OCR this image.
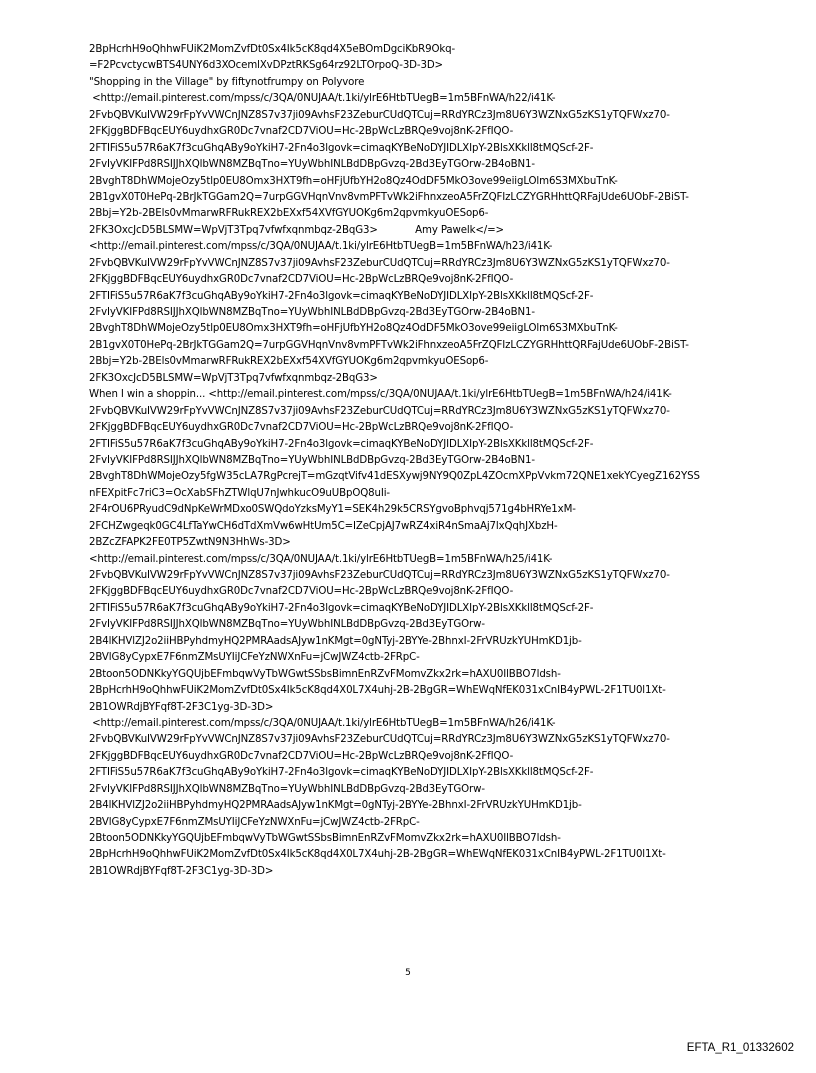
2BpHcrhH9oQhhwFUiK2MomZvfDt0Sx4Ik5cK8qd4X5eBOmDgciKbR9Okq-
=F2PcvctycwBTS4UNY6d3XOcemlXvDPztRKSg64rz92LTOrpoQ-3D-3D>
"Shopping in the Village" by fiftynotfrumpy on Polyvore
<http://email.pinterest.com/mpss/c/3QA/0NUJAA/t.1ki/ylrE6HtbTUegB=1m5BFnWA/h22/i41K-
2FvbQBVKuIVW29rFpYvVWCnJNZ8S7v37ji09AvhsF23ZeburCUdQTCuj=RRdYRCz3Jm8U6Y3WZNxG5zKS1yTQFWxz70-
2FKjggBDFBqcEUY6uydhxGR0Dc7vnaf2CD7ViOU=Hc-2BpWcLzBRQe9voj8nK-2FfIQO-
2FTIFiS5u57R6aK7f3cuGhqABy9oYkiH7-2Fn4o3lgovk=cimaqKYBeNoDYJIDLXIpY-2BlsXKkll8tMQScf-2F-
2FvIyVKIFPd8RSIJJhXQlbWN8MZBqTno=YUyWbhINLBdDBpGvzq-2Bd3EyTGOrw-2B4oBN1-
2BvghT8DhWMojeOzy5tlp0EU8Omx3HXT9fh=oHFjUfbYH2o8Qz4OdDF5MkO3ove99eiigLOlm6S3MXbuTnK-
2B1gvX0T0HePq-2BrJkTGGam2Q=7urpGGVHqnVnv8vmPFTvWk2iFhnxzeoA5FrZQFIzLCZYGRHhttQRFajUde6UObF-2BiST-
2Bbj=Y2b-2BEls0vMmarwRFRukREX2bEXxf54XVfGYUOKg6m2qpvmkyuOESop6-
2FK3OxcJcD5BLSMW=WpVjT3Tpq7vfwfxqnmbqz-2BqG3>            Amy Pawelk</=>
<http://email.pinterest.com/mpss/c/3QA/0NUJAA/t.1ki/ylrE6HtbTUegB=1m5BFnWA/h23/i41K-
2FvbQBVKuIVW29rFpYvVWCnJNZ8S7v37ji09AvhsF23ZeburCUdQTCuj=RRdYRCz3Jm8U6Y3WZNxG5zKS1yTQFWxz70-
2FKjggBDFBqcEUY6uydhxGR0Dc7vnaf2CD7ViOU=Hc-2BpWcLzBRQe9voj8nK-2FfIQO-
2FTIFiS5u57R6aK7f3cuGhqABy9oYkiH7-2Fn4o3lgovk=cimaqKYBeNoDYJIDLXIpY-2BlsXKkll8tMQScf-2F-
2FvIyVKIFPd8RSIJJhXQlbWN8MZBqTno=YUyWbhINLBdDBpGvzq-2Bd3EyTGOrw-2B4oBN1-
2BvghT8DhWMojeOzy5tlp0EU8Omx3HXT9fh=oHFjUfbYH2o8Qz4OdDF5MkO3ove99eiigLOlm6S3MXbuTnK-
2B1gvX0T0HePq-2BrJkTGGam2Q=7urpGGVHqnVnv8vmPFTvWk2iFhnxzeoA5FrZQFIzLCZYGRHhttQRFajUde6UObF-2BiST-
2Bbj=Y2b-2BEls0vMmarwRFRukREX2bEXxf54XVfGYUOKg6m2qpvmkyuOESop6-
2FK3OxcJcD5BLSMW=WpVjT3Tpq7vfwfxqnmbqz-2BqG3>
When I win a shoppin... <http://email.pinterest.com/mpss/c/3QA/0NUJAA/t.1ki/ylrE6HtbTUegB=1m5BFnWA/h24/i41K-
2FvbQBVKuIVW29rFpYvVWCnJNZ8S7v37ji09AvhsF23ZeburCUdQTCuj=RRdYRCz3Jm8U6Y3WZNxG5zKS1yTQFWxz70-
2FKjggBDFBqcEUY6uydhxGR0Dc7vnaf2CD7ViOU=Hc-2BpWcLzBRQe9voj8nK-2FfIQO-
2FTIFiS5u57R6aK7f3cuGhqABy9oYkiH7-2Fn4o3lgovk=cimaqKYBeNoDYJIDLXIpY-2BlsXKkll8tMQScf-2F-
2FvIyVKIFPd8RSIJJhXQlbWN8MZBqTno=YUyWbhINLBdDBpGvzq-2Bd3EyTGOrw-2B4oBN1-
2BvghT8DhWMojeOzy5fgW35cLA7RgPcrejT=mGzqtVifv41dESXywj9NY9Q0ZpL4ZOcmXPpVvkm72QNE1xekYCyegZ162YSS
nFEXpitFc7riC3=OcXabSFhZTWlqU7nJwhkucO9uUBpOQ8uIi-
2F4rOU6PRyudC9dNpKeWrMDxo0SWQdoYzksMyY1=SEK4h29k5CRSYgvoBphvqj571g4bHRYe1xM-
2FCHZwgeqk0GC4LfTaYwCH6dTdXmVw6wHtUm5C=IZeCpjAJ7wRZ4xiR4nSmaAj7lxQqhJXbzH-
2BZcZFAPK2FE0TP5ZwtN9N3HhWs-3D>
<http://email.pinterest.com/mpss/c/3QA/0NUJAA/t.1ki/ylrE6HtbTUegB=1m5BFnWA/h25/i41K-
2FvbQBVKuIVW29rFpYvVWCnJNZ8S7v37ji09AvhsF23ZeburCUdQTCuj=RRdYRCz3Jm8U6Y3WZNxG5zKS1yTQFWxz70-
2FKjggBDFBqcEUY6uydhxGR0Dc7vnaf2CD7ViOU=Hc-2BpWcLzBRQe9voj8nK-2FfIQO-
2FTIFiS5u57R6aK7f3cuGhqABy9oYkiH7-2Fn4o3lgovk=cimaqKYBeNoDYJIDLXIpY-2BlsXKkll8tMQScf-2F-
2FvIyVKIFPd8RSIJJhXQlbWN8MZBqTno=YUyWbhINLBdDBpGvzq-2Bd3EyTGOrw-
2B4lKHVlZJ2o2iiHBPyhdmyHQ2PMRAadsAJyw1nKMgt=0gNTyj-2BYYe-2BhnxI-2FrVRUzkYUHmKD1jb-
2BVlG8yCypxE7F6nmZMsUYIiJCFeYzNWXnFu=jCwJWZ4ctb-2FRpC-
2Btoon5ODNKkyYGQUjbEFmbqwVyTbWGwtSSbsBimnEnRZvFMomvZkx2rk=hAXU0IlBBO7ldsh-
2BpHcrhH9oQhhwFUiK2MomZvfDt0Sx4Ik5cK8qd4X0L7X4uhj-2B-2BgGR=WhEWqNfEK031xCnIB4yPWL-2F1TU0l1Xt-
2B1OWRdjBYFqf8T-2F3C1yg-3D-3D>
<http://email.pinterest.com/mpss/c/3QA/0NUJAA/t.1ki/ylrE6HtbTUegB=1m5BFnWA/h26/i41K-
2FvbQBVKuIVW29rFpYvVWCnJNZ8S7v37ji09AvhsF23ZeburCUdQTCuj=RRdYRCz3Jm8U6Y3WZNxG5zKS1yTQFWxz70-
2FKjggBDFBqcEUY6uydhxGR0Dc7vnaf2CD7ViOU=Hc-2BpWcLzBRQe9voj8nK-2FfIQO-
2FTIFiS5u57R6aK7f3cuGhqABy9oYkiH7-2Fn4o3lgovk=cimaqKYBeNoDYJIDLXIpY-2BlsXKkll8tMQScf-2F-
2FvIyVKIFPd8RSIJJhXQlbWN8MZBqTno=YUyWbhINLBdDBpGvzq-2Bd3EyTGOrw-
2B4lKHVlZJ2o2iiHBPyhdmyHQ2PMRAadsAJyw1nKMgt=0gNTyj-2BYYe-2BhnxI-2FrVRUzkYUHmKD1jb-
2BVlG8yCypxE7F6nmZMsUYIiJCFeYzNWXnFu=jCwJWZ4ctb-2FRpC-
2Btoon5ODNKkyYGQUjbEFmbqwVyTbWGwtSSbsBimnEnRZvFMomvZkx2rk=hAXU0IlBBO7ldsh-
2BpHcrhH9oQhhwFUiK2MomZvfDt0Sx4Ik5cK8qd4X0L7X4uhj-2B-2BgGR=WhEWqNfEK031xCnIB4yPWL-2F1TU0l1Xt-
2B1OWRdjBYFqf8T-2F3C1yg-3D-3D>
5
EFTA_R1_01332602
